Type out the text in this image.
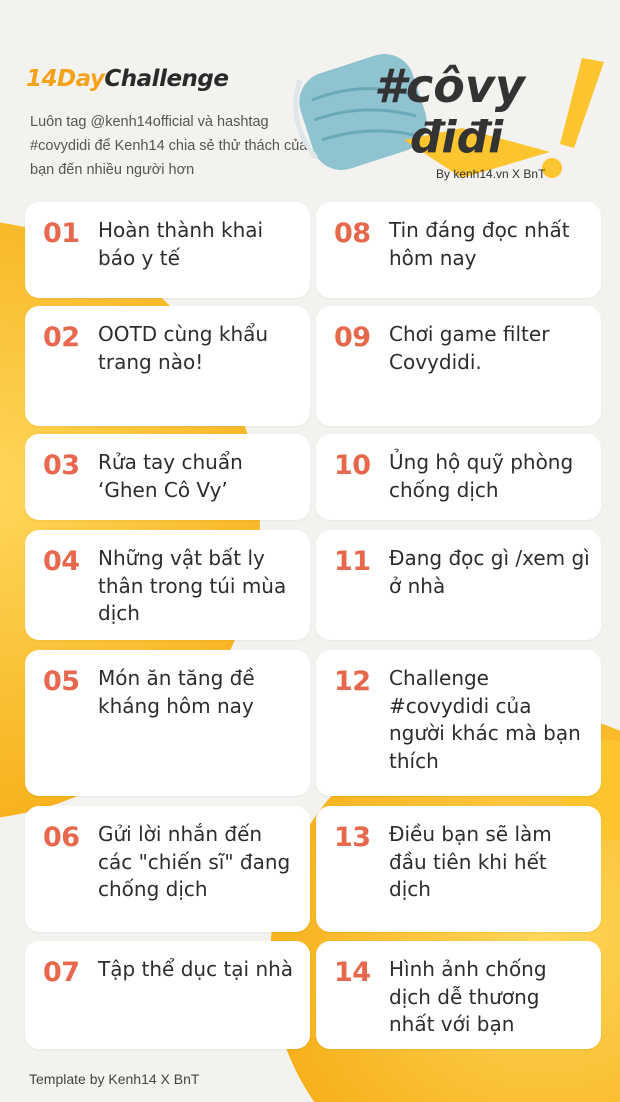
14DayChallenge
Luôn tag @kenh14official và hashtag #covydidi để Kenh14 chia sẻ thử thách của bạn đến nhiều người hơn
#côvy
điđi
By kenh14.vn X BnT
01 Hoàn thành khai báo y tế
02 OOTD cùng khẩu trang nào!
03 Rửa tay chuẩn ‘Ghen Cô Vy’
04 Những vật bất ly thân trong túi mùa dịch
05 Món ăn tăng đề kháng hôm nay
06 Gửi lời nhắn đến các "chiến sĩ" đang chống dịch
07 Tập thể dục tại nhà
08 Tin đáng đọc nhất hôm nay
09 Chơi game filter Covydidi.
10 Ủng hộ quỹ phòng chống dịch
11 Đang đọc gì /xem gì ở nhà
12 Challenge #covydidi của người khác mà bạn thích
13 Điều bạn sẽ làm đầu tiên khi hết dịch
14 Hình ảnh chống dịch dễ thương nhất với bạn
Template by Kenh14 X BnT
